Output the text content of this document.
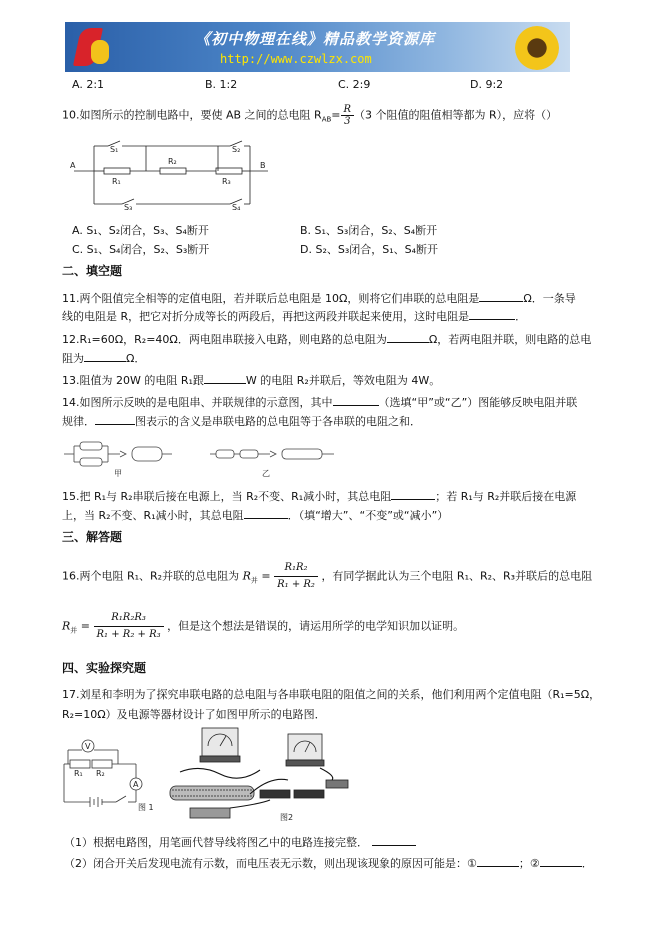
《初中物理在线》精品教学资源库
http://www.czwlzx.com
A. 2:1	B. 1:2	C. 2:9	D. 9:2
10.如图所示的控制电路中，要使 AB 之间的总电阻 $R_{AB}= \frac{R}{3} (3$ 个阻值的阻值相等都为 R），应将（）
A	B
S₁	S₂
S₃	S₄
R₁
R₂
R₃
A. S₁、S₂闭合，S₃、S₄断开	B. S₁、S₃闭合，S₂、S₄断开
C. S₁、S₄闭合，S₂、S₃断开	D. S₂、S₃闭合，S₁、S₄断开
二、填空题
11.两个阻值完全相等的定值电阻，若并联后总电阻是 10Ω，则将它们串联的总电阻是	Ω．一条导
线的电阻是 R，把它对折分成等长的两段后，再把这两段并联起来使用，这时电阻是	．
12.R₁=60Ω，R₂=40Ω．两电阻串联接入电路，则电路的总电阻为	Ω，若两电阻并联，则电路的总电
阻为	Ω．
13.阻值为 20W 的电阻 R₁跟	W 的电阻 R₂并联后，等效电阻为 4W。
14.如图所示反映的是电阻串、并联规律的示意图，其中	（选填“甲”或“乙”）图能够反映电阻并联
规律．	图表示的含义是串联电路的总电阻等于各串联的电阻之和．
甲	乙
15.把 R₁与 R₂串联后接在电源上，当 R₂不变、R₁减小时，其总电阻	；若 R₁与 R₂并联后接在电源
上，当 R₂不变、R₁减小时，其总电阻	．（填“增大”、“不变”或“减小”）
三、解答题
16.两个电阻 R₁、R₂并联的总电阻为 $R_并 = \frac{\text{R₁R₂}}{\text{R₁ + R₂}}$ ，有同学据此认为三个电阻 R₁、R₂、R₃并联后的总电阻
$R_并 = \frac{\text{R₁R₂R₃}}{\text{R₁ + R₂ + R₃}}$ ，但是这个想法是错误的，请运用所学的电学知识加以证明。
四、实验探究题
17.刘星和李明为了探究串联电路的总电阻与各串联电阻的阻值之间的关系，他们利用两个定值电阻（R₁=5Ω，
R₂=10Ω）及电源等器材设计了如图甲所示的电路图．
V
A
R₁ R₂
图 1
图2
（1）根据电路图，用笔画代替导线将图乙中的电路连接完整．
（2）闭合开关后发现电流有示数，而电压表无示数，则出现该现象的原因可能是：①	；②	．
